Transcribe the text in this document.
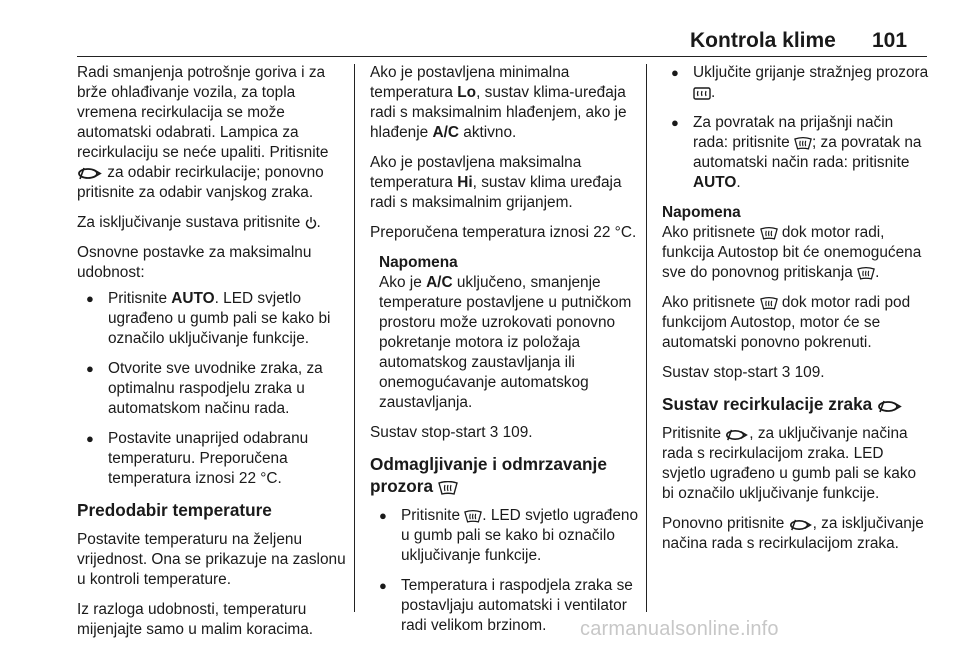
Kontrola klime 101

Radi smanjenja potrošnje goriva i za brže ohlađivanje vozila, za topla vremena recirkulacija se može automatski odabrati. Lampica za recirkulaciju se neće upaliti. Pritisnite  za odabir recirkulacije; ponovno pritisnite za odabir vanjskog zraka.

Za isključivanje sustava pritisnite .

Osnovne postavke za maksimalnu udobnost:

● Pritisnite AUTO. LED svjetlo ugrađeno u gumb pali se kako bi označilo uključivanje funkcije.
● Otvorite sve uvodnike zraka, za optimalnu raspodjelu zraka u automatskom načinu rada.
● Postavite unaprijed odabranu temperaturu. Preporučena temperatura iznosi 22 °C.
Predodabir temperature

Postavite temperaturu na željenu vrijednost. Ona se prikazuje na zaslonu u kontroli temperature.

Iz razloga udobnosti, temperaturu mijenjajte samo u malim koracima.

Ako je postavljena minimalna temperatura Lo, sustav klima-uređaja radi s maksimalnim hlađenjem, ako je hlađenje A/C aktivno.

Ako je postavljena maksimalna temperatura Hi, sustav klima uređaja radi s maksimalnim grijanjem.

Preporučena temperatura iznosi 22 °C.

Napomena

Ako je A/C uključeno, smanjenje temperature postavljene u putničkom prostoru može uzrokovati ponovno pokretanje motora iz položaja automatskog zaustavljanja ili onemogućavanje automatskog zaustavljanja.

Sustav stop-start 3 109.

Odmagljivanje i odmrzavanje prozora
● Pritisnite . LED svjetlo ugrađeno u gumb pali se kako bi označilo uključivanje funkcije.
● Temperatura i raspodjela zraka se postavljaju automatski i ventilator radi velikom brzinom.
● Uključite grijanje stražnjeg prozora .
● Za povratak na prijašnji način rada: pritisnite ; za povratak na automatski način rada: pritisnite AUTO.

Napomena

Ako pritisnete dok motor radi, funkcija Autostop bit će onemogućena sve do ponovnog pritiskanja .

Ako pritisnete dok motor radi pod funkcijom Autostop, motor će se automatski ponovno pokrenuti.

Sustav stop-start 3 109.

Sustav recirkulacije zraka

Pritisnite , za uključivanje načina rada s recirkulacijom zraka. LED svjetlo ugrađeno u gumb pali se kako bi označilo uključivanje funkcije.

Ponovno pritisnite , za isključivanje načina rada s recirkulacijom zraka.

carmanualsonline.info
